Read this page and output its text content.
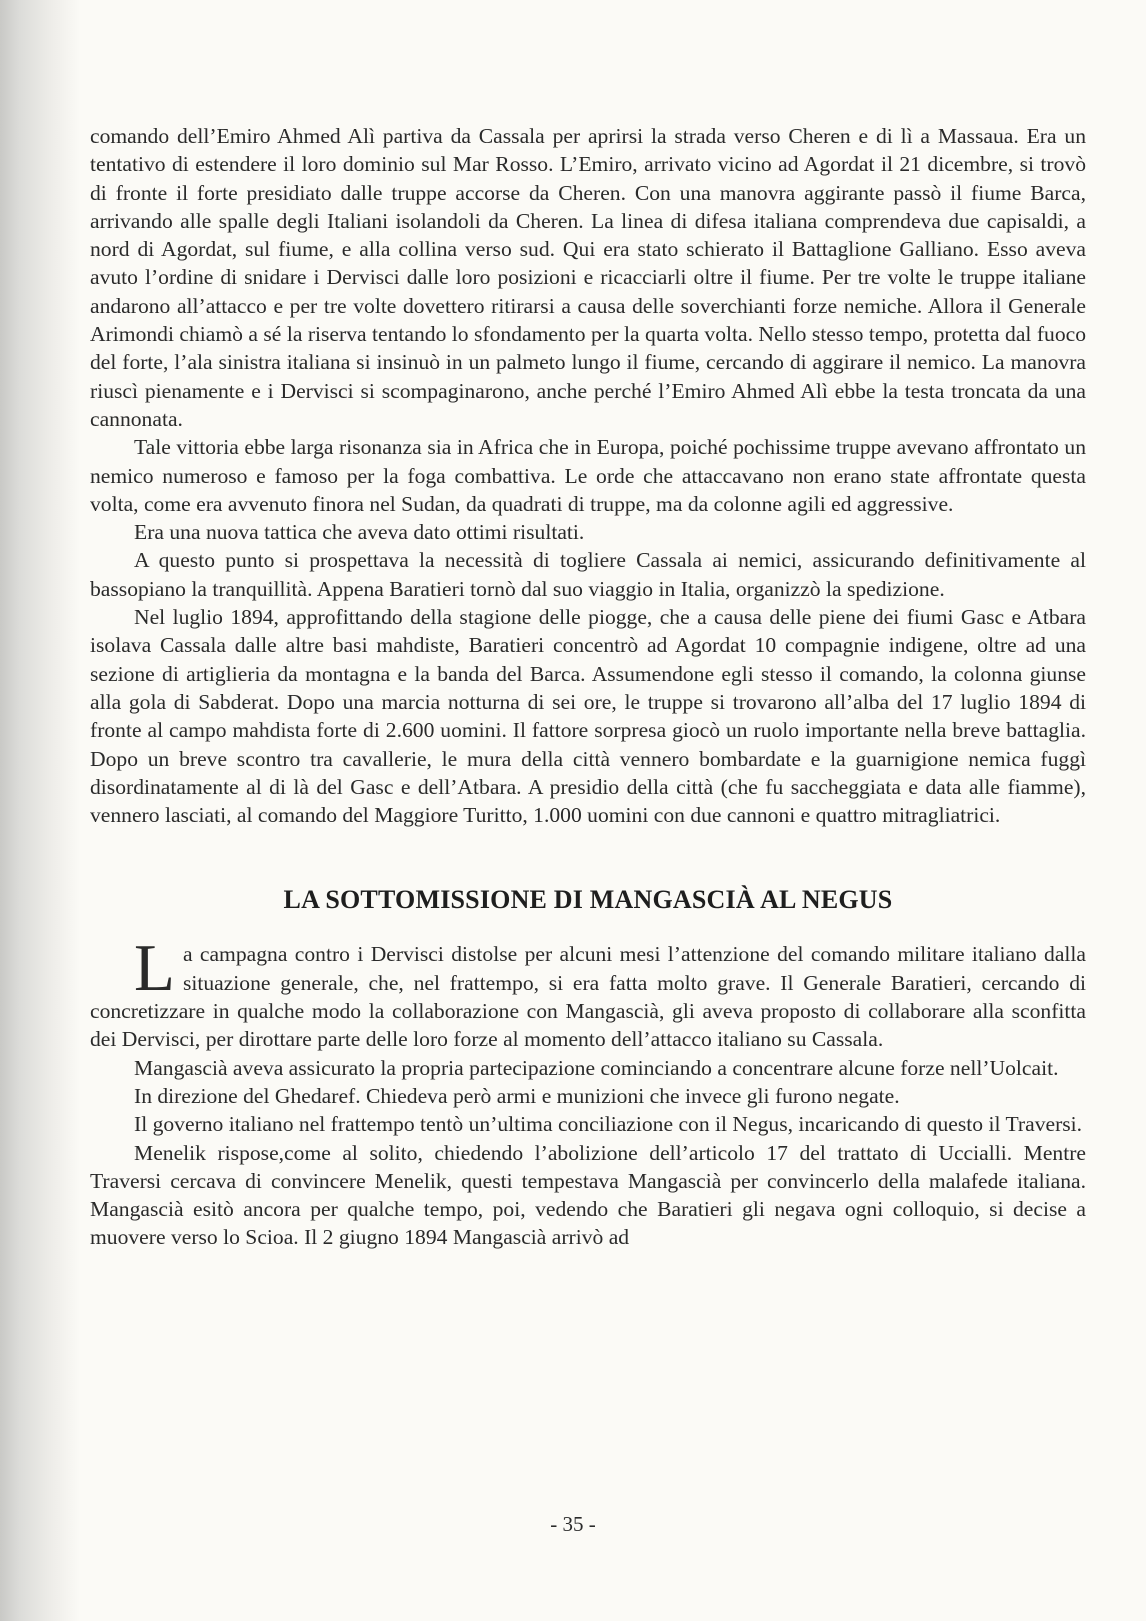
comando dell’Emiro Ahmed Alì partiva da Cassala per aprirsi la strada verso Cheren e di lì a Massaua. Era un tentativo di estendere il loro dominio sul Mar Rosso. L’Emiro, arrivato vicino ad Agordat il 21 dicembre, si trovò di fronte il forte presidiato dalle truppe accorse da Cheren. Con una manovra aggirante passò il fiume Barca, arrivando alle spalle degli Italiani isolandoli da Cheren. La linea di difesa italiana comprendeva due capisaldi, a nord di Agordat, sul fiume, e alla collina verso sud. Qui era stato schierato il Battaglione Galliano. Esso aveva avuto l’ordine di snidare i Dervisci dalle loro posizioni e ricacciarli oltre il fiume. Per tre volte le truppe italiane andarono all’attacco e per tre volte dovettero ritirarsi a causa delle soverchianti forze nemiche. Allora il Generale Arimondi chiamò a sé la riserva tentando lo sfondamento per la quarta volta. Nello stesso tempo, protetta dal fuoco del forte, l’ala sinistra italiana si insinuò in un palmeto lungo il fiume, cercando di aggirare il nemico. La manovra riuscì pienamente e i Dervisci si scompaginarono, anche perché l’Emiro Ahmed Alì ebbe la testa troncata da una cannonata.

Tale vittoria ebbe larga risonanza sia in Africa che in Europa, poiché pochissime truppe avevano affrontato un nemico numeroso e famoso per la foga combattiva. Le orde che attaccavano non erano state affrontate questa volta, come era avvenuto finora nel Sudan, da quadrati di truppe, ma da colonne agili ed aggressive.

Era una nuova tattica che aveva dato ottimi risultati.

A questo punto si prospettava la necessità di togliere Cassala ai nemici, assicurando definitivamente al bassopiano la tranquillità. Appena Baratieri tornò dal suo viaggio in Italia, organizzò la spedizione.

Nel luglio 1894, approfittando della stagione delle piogge, che a causa delle piene dei fiumi Gasc e Atbara isolava Cassala dalle altre basi mahdiste, Baratieri concentrò ad Agordat 10 compagnie indigene, oltre ad una sezione di artiglieria da montagna e la banda del Barca. Assumendone egli stesso il comando, la colonna giunse alla gola di Sabderat. Dopo una marcia notturna di sei ore, le truppe si trovarono all’alba del 17 luglio 1894 di fronte al campo mahdista forte di 2.600 uomini. Il fattore sorpresa giocò un ruolo importante nella breve battaglia. Dopo un breve scontro tra cavallerie, le mura della città vennero bombardate e la guarnigione nemica fuggì disordinatamente al di là del Gasc e dell’Atbara. A presidio della città (che fu saccheggiata e data alle fiamme), vennero lasciati, al comando del Maggiore Turitto, 1.000 uomini con due cannoni e quattro mitragliatrici.

LA SOTTOMISSIONE DI MANGASCIÀ AL NEGUS

La campagna contro i Dervisci distolse per alcuni mesi l’attenzione del comando militare italiano dalla situazione generale, che, nel frattempo, si era fatta molto grave. Il Generale Baratieri, cercando di concretizzare in qualche modo la collaborazione con Mangascià, gli aveva proposto di collaborare alla sconfitta dei Dervisci, per dirottare parte delle loro forze al momento dell’attacco italiano su Cassala.

Mangascià aveva assicurato la propria partecipazione cominciando a concentrare alcune forze nell’Uolcait.

In direzione del Ghedaref. Chiedeva però armi e munizioni che invece gli furono negate.

Il governo italiano nel frattempo tentò un’ultima conciliazione con il Negus, incaricando di questo il Traversi.

Menelik rispose,come al solito, chiedendo l’abolizione dell’articolo 17 del trattato di Uccialli. Mentre Traversi cercava di convincere Menelik, questi tempestava Mangascià per convincerlo della malafede italiana. Mangascià esitò ancora per qualche tempo, poi, vedendo che Baratieri gli negava ogni colloquio, si decise a muovere verso lo Scioa. Il 2 giugno 1894 Mangascià arrivò ad

- 35 -
